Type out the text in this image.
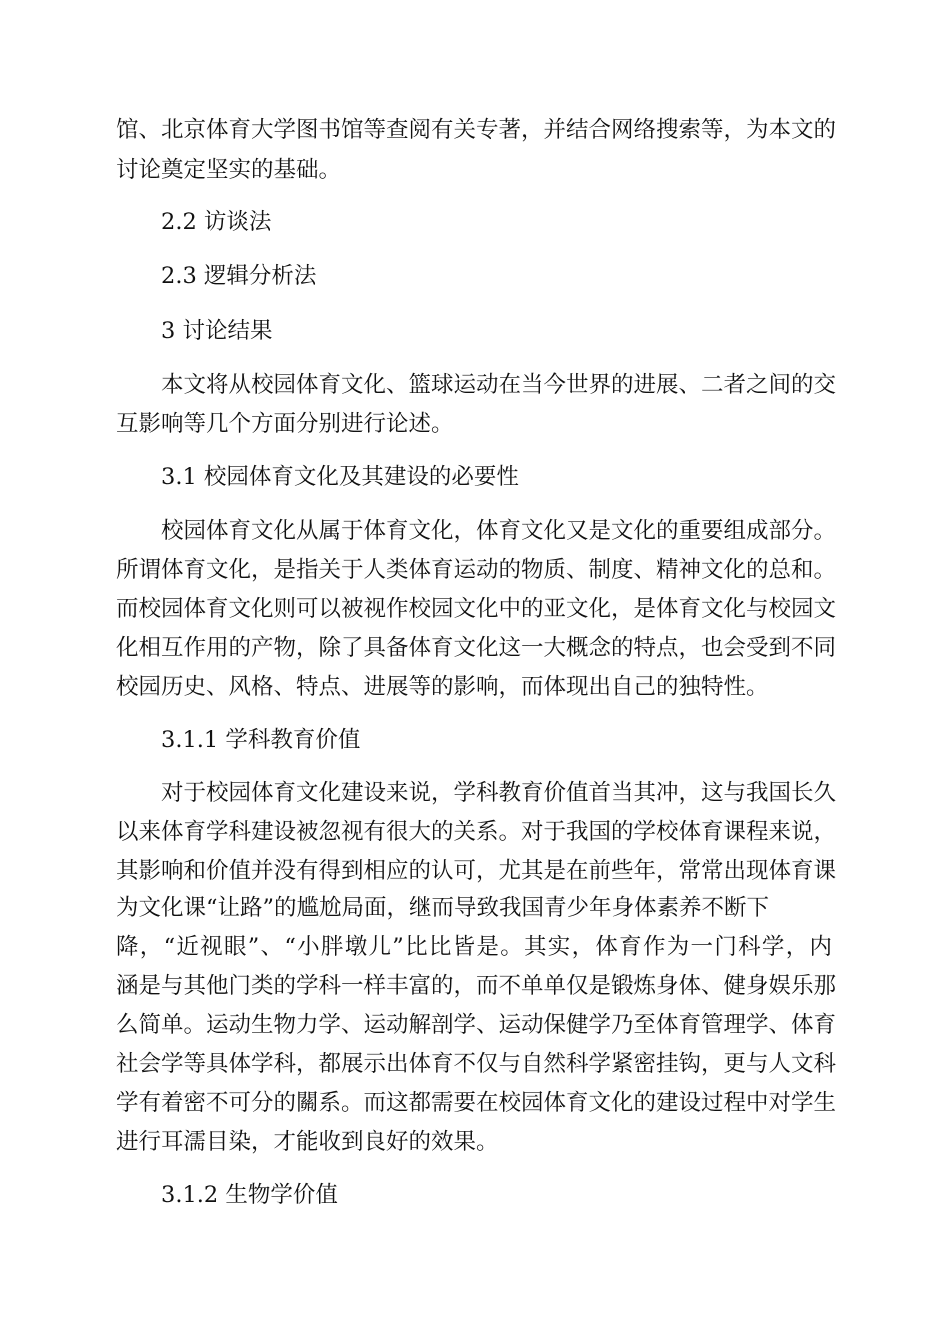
馆、北京体育大学图书馆等查阅有关专著，并结合网络搜索等，为本文的
讨论奠定坚实的基础。
2.2 访谈法
2.3 逻辑分析法
3 讨论结果
本文将从校园体育文化、篮球运动在当今世界的进展、二者之间的交
互影响等几个方面分别进行论述。
3.1 校园体育文化及其建设的必要性
校园体育文化从属于体育文化，体育文化又是文化的重要组成部分。
所谓体育文化，是指关于人类体育运动的物质、制度、精神文化的总和。
而校园体育文化则可以被视作校园文化中的亚文化，是体育文化与校园文
化相互作用的产物，除了具备体育文化这一大概念的特点，也会受到不同
校园历史、风格、特点、进展等的影响，而体现出自己的独特性。
3.1.1 学科教育价值
对于校园体育文化建设来说，学科教育价值首当其冲，这与我国长久
以来体育学科建设被忽视有很大的关系。对于我国的学校体育课程来说，
其影响和价值并没有得到相应的认可，尤其是在前些年，常常出现体育课
为文化课“让路”的尴尬局面，继而导致我国青少年身体素养不断下
降，“近视眼”、“小胖墩儿”比比皆是。其实，体育作为一门科学，内
涵是与其他门类的学科一样丰富的，而不单单仅是锻炼身体、健身娱乐那
么简单。运动生物力学、运动解剖学、运动保健学乃至体育管理学、体育
社会学等具体学科，都展示出体育不仅与自然科学紧密挂钩，更与人文科
学有着密不可分的關系。而这都需要在校园体育文化的建设过程中对学生
进行耳濡目染，才能收到良好的效果。
3.1.2 生物学价值
